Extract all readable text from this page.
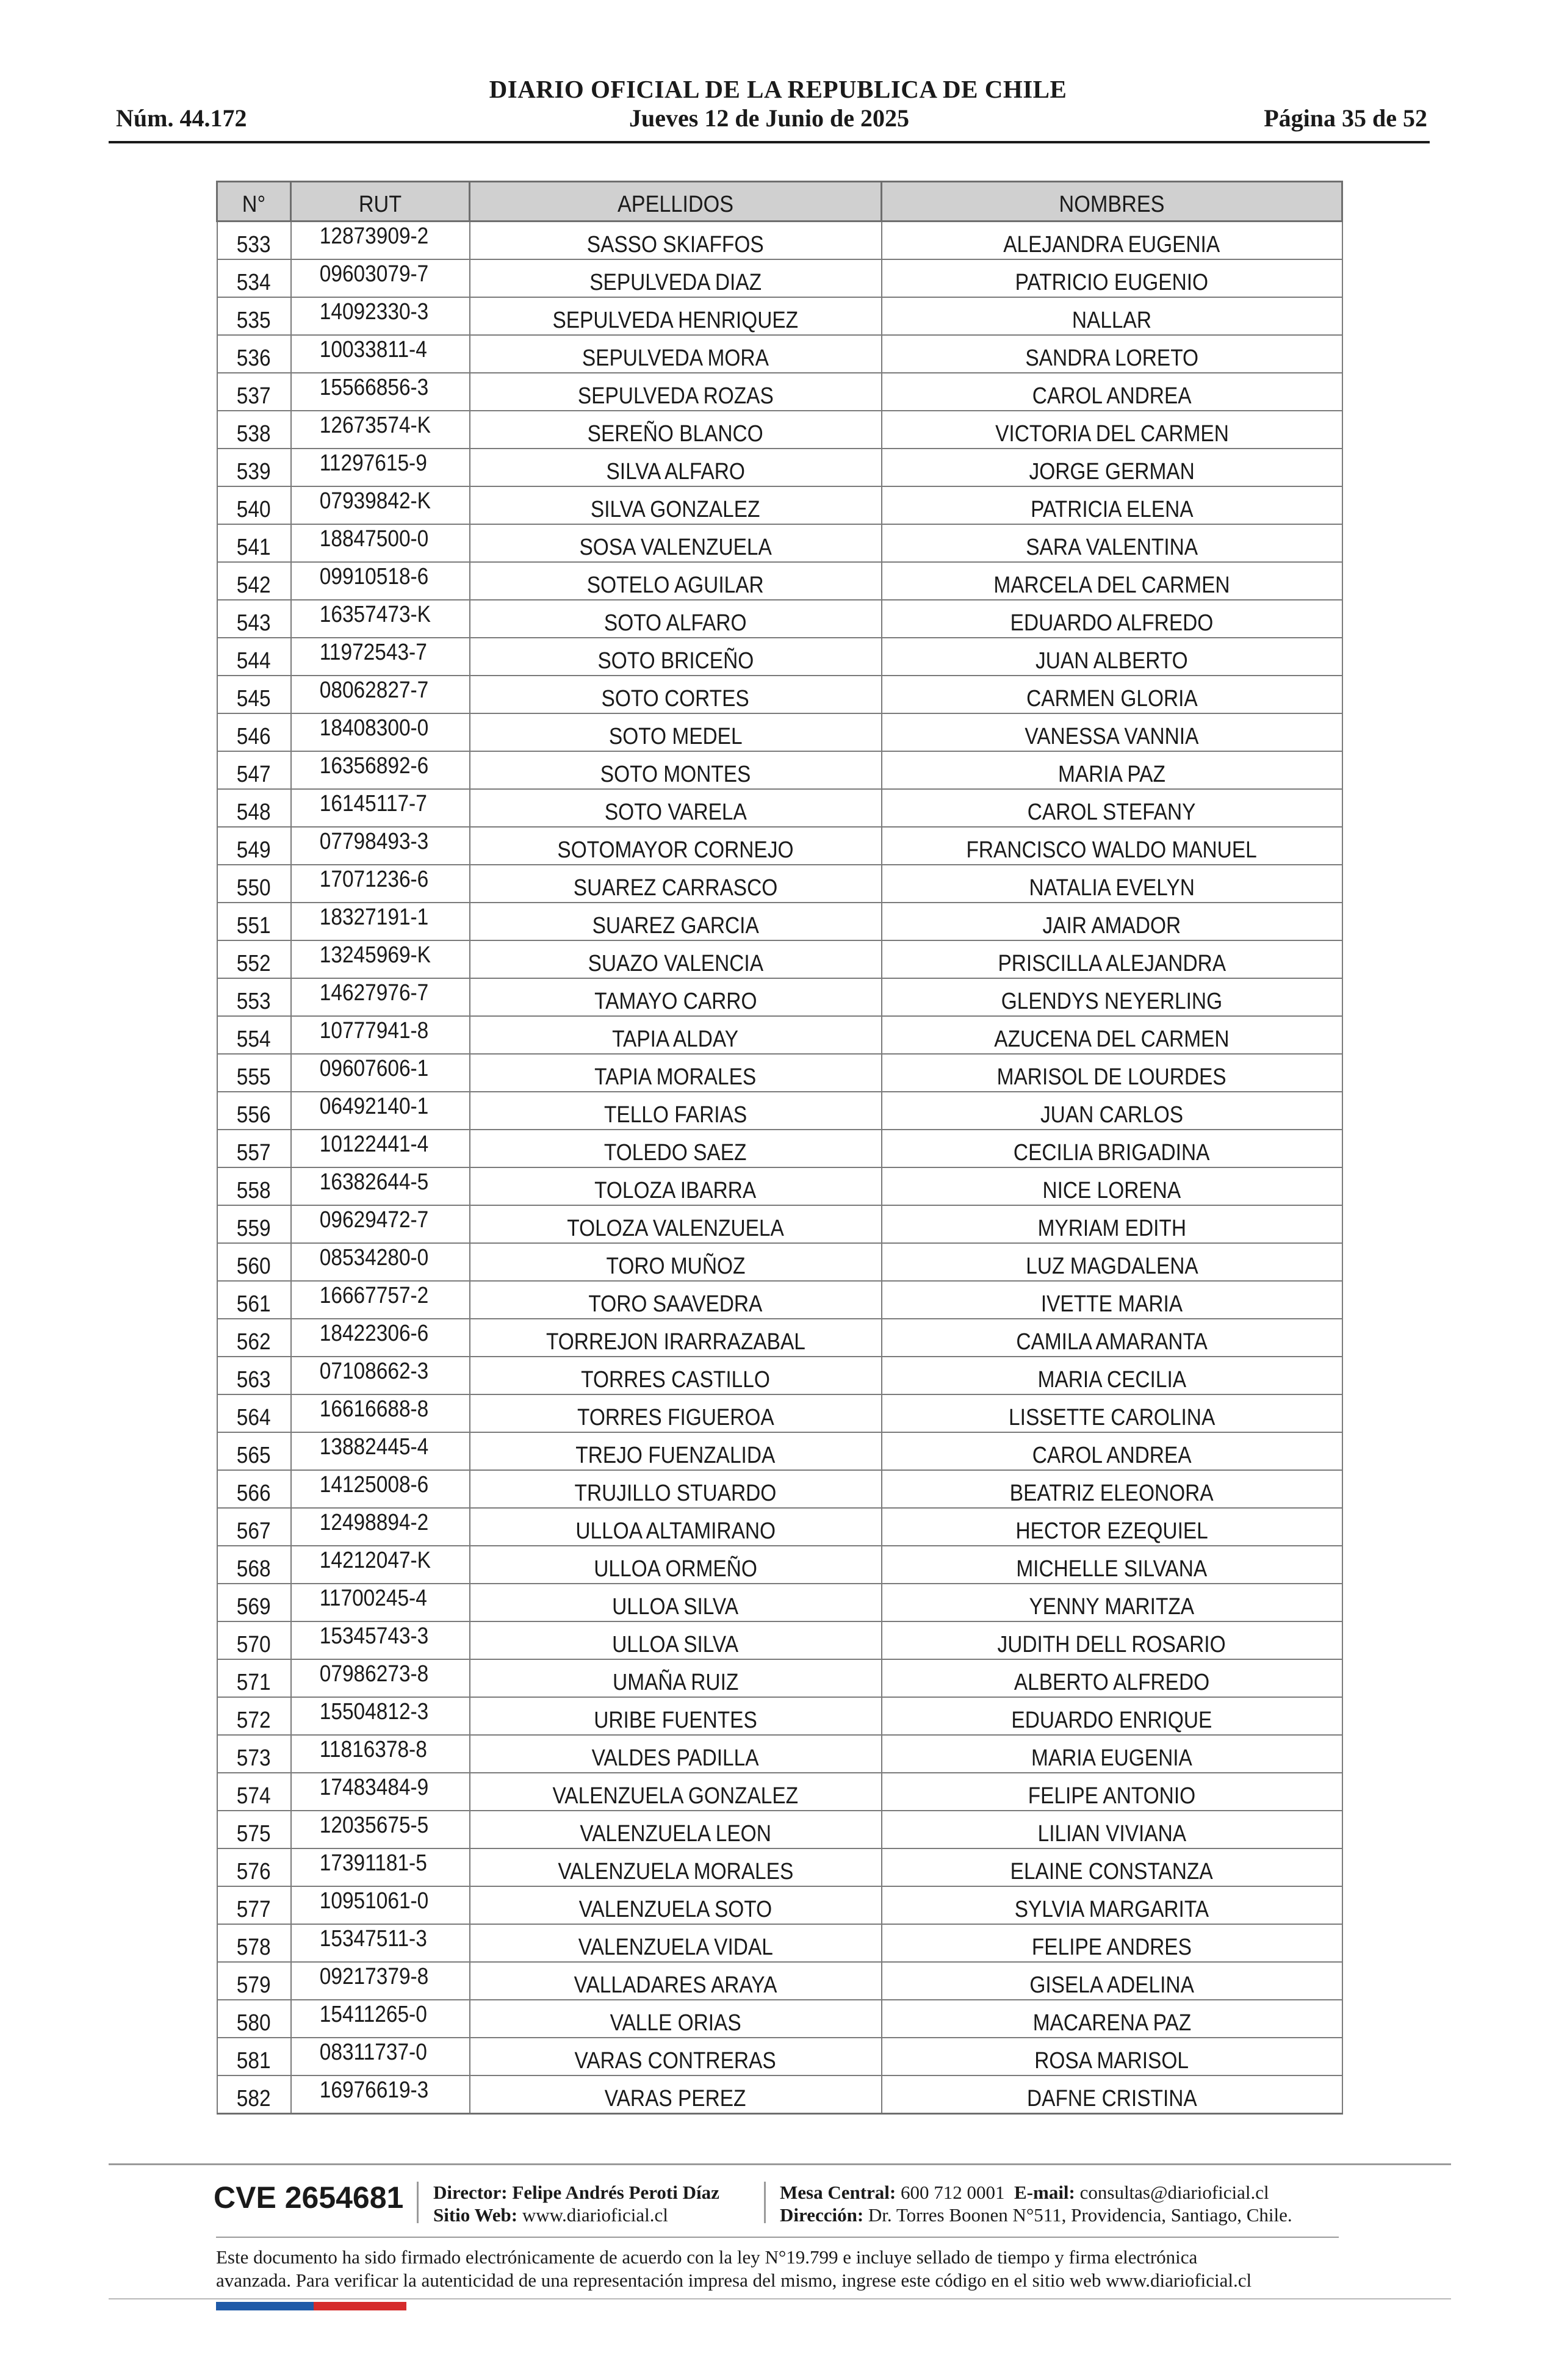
DIARIO OFICIAL DE LA REPUBLICA DE CHILE
Núm. 44.172	Jueves 12 de Junio de 2025	Página 35 de 52
N°	RUT	APELLIDOS	NOMBRES

533	12873909-2	SASSO SKIAFFOS	ALEJANDRA EUGENIA
534	09603079-7	SEPULVEDA DIAZ	PATRICIO EUGENIO
535	14092330-3	SEPULVEDA HENRIQUEZ	NALLAR
536	10033811-4	SEPULVEDA MORA	SANDRA LORETO
537	15566856-3	SEPULVEDA ROZAS	CAROL ANDREA
538	12673574-K	SEREÑO BLANCO	VICTORIA DEL CARMEN
539	11297615-9	SILVA ALFARO	JORGE GERMAN
540	07939842-K	SILVA GONZALEZ	PATRICIA ELENA
541	18847500-0	SOSA VALENZUELA	SARA VALENTINA
542	09910518-6	SOTELO AGUILAR	MARCELA DEL CARMEN
543	16357473-K	SOTO ALFARO	EDUARDO ALFREDO
544	11972543-7	SOTO BRICEÑO	JUAN ALBERTO
545	08062827-7	SOTO CORTES	CARMEN GLORIA
546	18408300-0	SOTO MEDEL	VANESSA VANNIA
547	16356892-6	SOTO MONTES	MARIA PAZ
548	16145117-7	SOTO VARELA	CAROL STEFANY
549	07798493-3	SOTOMAYOR CORNEJO	FRANCISCO WALDO MANUEL
550	17071236-6	SUAREZ CARRASCO	NATALIA EVELYN
551	18327191-1	SUAREZ GARCIA	JAIR AMADOR
552	13245969-K	SUAZO VALENCIA	PRISCILLA ALEJANDRA
553	14627976-7	TAMAYO CARRO	GLENDYS NEYERLING
554	10777941-8	TAPIA ALDAY	AZUCENA DEL CARMEN
555	09607606-1	TAPIA MORALES	MARISOL DE LOURDES
556	06492140-1	TELLO FARIAS	JUAN CARLOS
557	10122441-4	TOLEDO SAEZ	CECILIA BRIGADINA
558	16382644-5	TOLOZA IBARRA	NICE LORENA
559	09629472-7	TOLOZA VALENZUELA	MYRIAM EDITH
560	08534280-0	TORO MUÑOZ	LUZ MAGDALENA
561	16667757-2	TORO SAAVEDRA	IVETTE MARIA
562	18422306-6	TORREJON IRARRAZABAL	CAMILA AMARANTA
563	07108662-3	TORRES CASTILLO	MARIA CECILIA
564	16616688-8	TORRES FIGUEROA	LISSETTE CAROLINA
565	13882445-4	TREJO FUENZALIDA	CAROL ANDREA
566	14125008-6	TRUJILLO STUARDO	BEATRIZ ELEONORA
567	12498894-2	ULLOA ALTAMIRANO	HECTOR EZEQUIEL
568	14212047-K	ULLOA ORMEÑO	MICHELLE SILVANA
569	11700245-4	ULLOA SILVA	YENNY MARITZA
570	15345743-3	ULLOA SILVA	JUDITH DELL ROSARIO
571	07986273-8	UMAÑA RUIZ	ALBERTO ALFREDO
572	15504812-3	URIBE FUENTES	EDUARDO ENRIQUE
573	11816378-8	VALDES PADILLA	MARIA EUGENIA
574	17483484-9	VALENZUELA GONZALEZ	FELIPE ANTONIO
575	12035675-5	VALENZUELA LEON	LILIAN VIVIANA
576	17391181-5	VALENZUELA MORALES	ELAINE CONSTANZA
577	10951061-0	VALENZUELA SOTO	SYLVIA MARGARITA
578	15347511-3	VALENZUELA VIDAL	FELIPE ANDRES
579	09217379-8	VALLADARES ARAYA	GISELA ADELINA
580	15411265-0	VALLE ORIAS	MACARENA PAZ
581	08311737-0	VARAS CONTRERAS	ROSA MARISOL
582	16976619-3	VARAS PEREZ	DAFNE CRISTINA
CVE 2654681 Director: Felipe Andrés Peroti Díaz
Sitio Web: www.diarioficial.cl
Mesa Central: 600 712 0001 E-mail: consultas@diarioficial.cl
Dirección: Dr. Torres Boonen N°511, Providencia, Santiago, Chile.
Este documento ha sido firmado electrónicamente de acuerdo con la ley N°19.799 e incluye sellado de tiempo y firma electrónica
avanzada. Para verificar la autenticidad de una representación impresa del mismo, ingrese este código en el sitio web www.diarioficial.cl
